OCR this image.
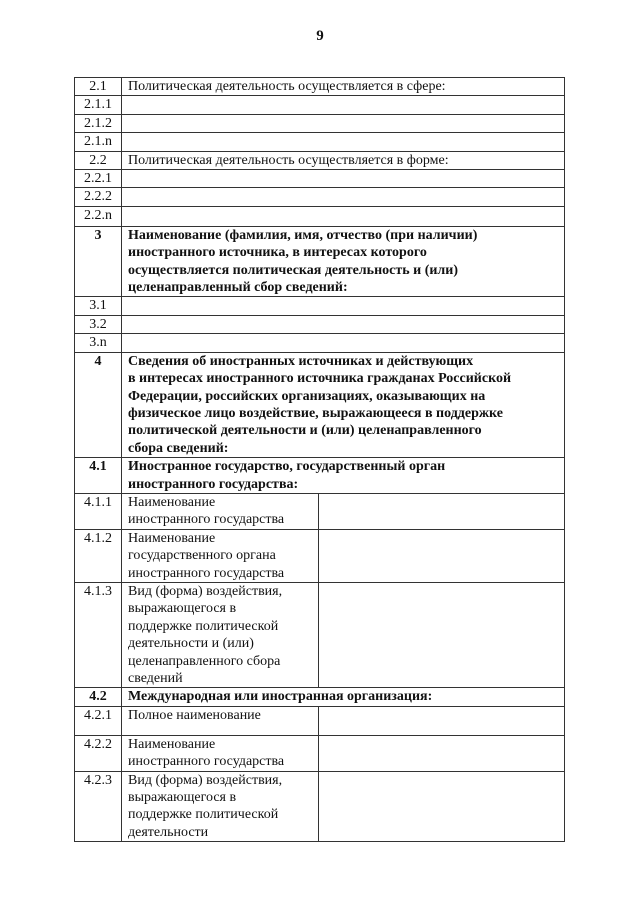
9
2.1	Политическая деятельность осуществляется в сфере:	
2.1.1		
2.1.2		
2.1.n		
2.2	Политическая деятельность осуществляется в форме:	
2.2.1		
2.2.2		
2.2.n		
3	Наименование (фамилия, имя, отчество (при наличии)
иностранного источника, в интересах которого
осуществляется политическая деятельность и (или)
целенаправленный сбор сведений:	

3.1		
3.2		
3.n		
4	Сведения об иностранных источниках и действующих
в интересах иностранного источника гражданах Российской
Федерации, российских организациях, оказывающих на
физическое лицо воздействие, выражающееся в поддержке
политической деятельности и (или) целенаправленного
сбора сведений:

4.1	Иностранное государство, государственный орган
иностранного государства:	

4.1.1	Наименование
иностранного государства	

4.1.2	Наименование
государственного органа
иностранного государства	

4.1.3	Вид (форма) воздействия,
выражающегося в
поддержке политической
деятельности и (или)
целенаправленного сбора
сведений

4.2	Международная или иностранная организация:	
4.2.1	Полное наименование	

4.2.2	Наименование
иностранного государства	

4.2.3	Вид (форма) воздействия,
выражающегося в
поддержке политической
деятельности	
